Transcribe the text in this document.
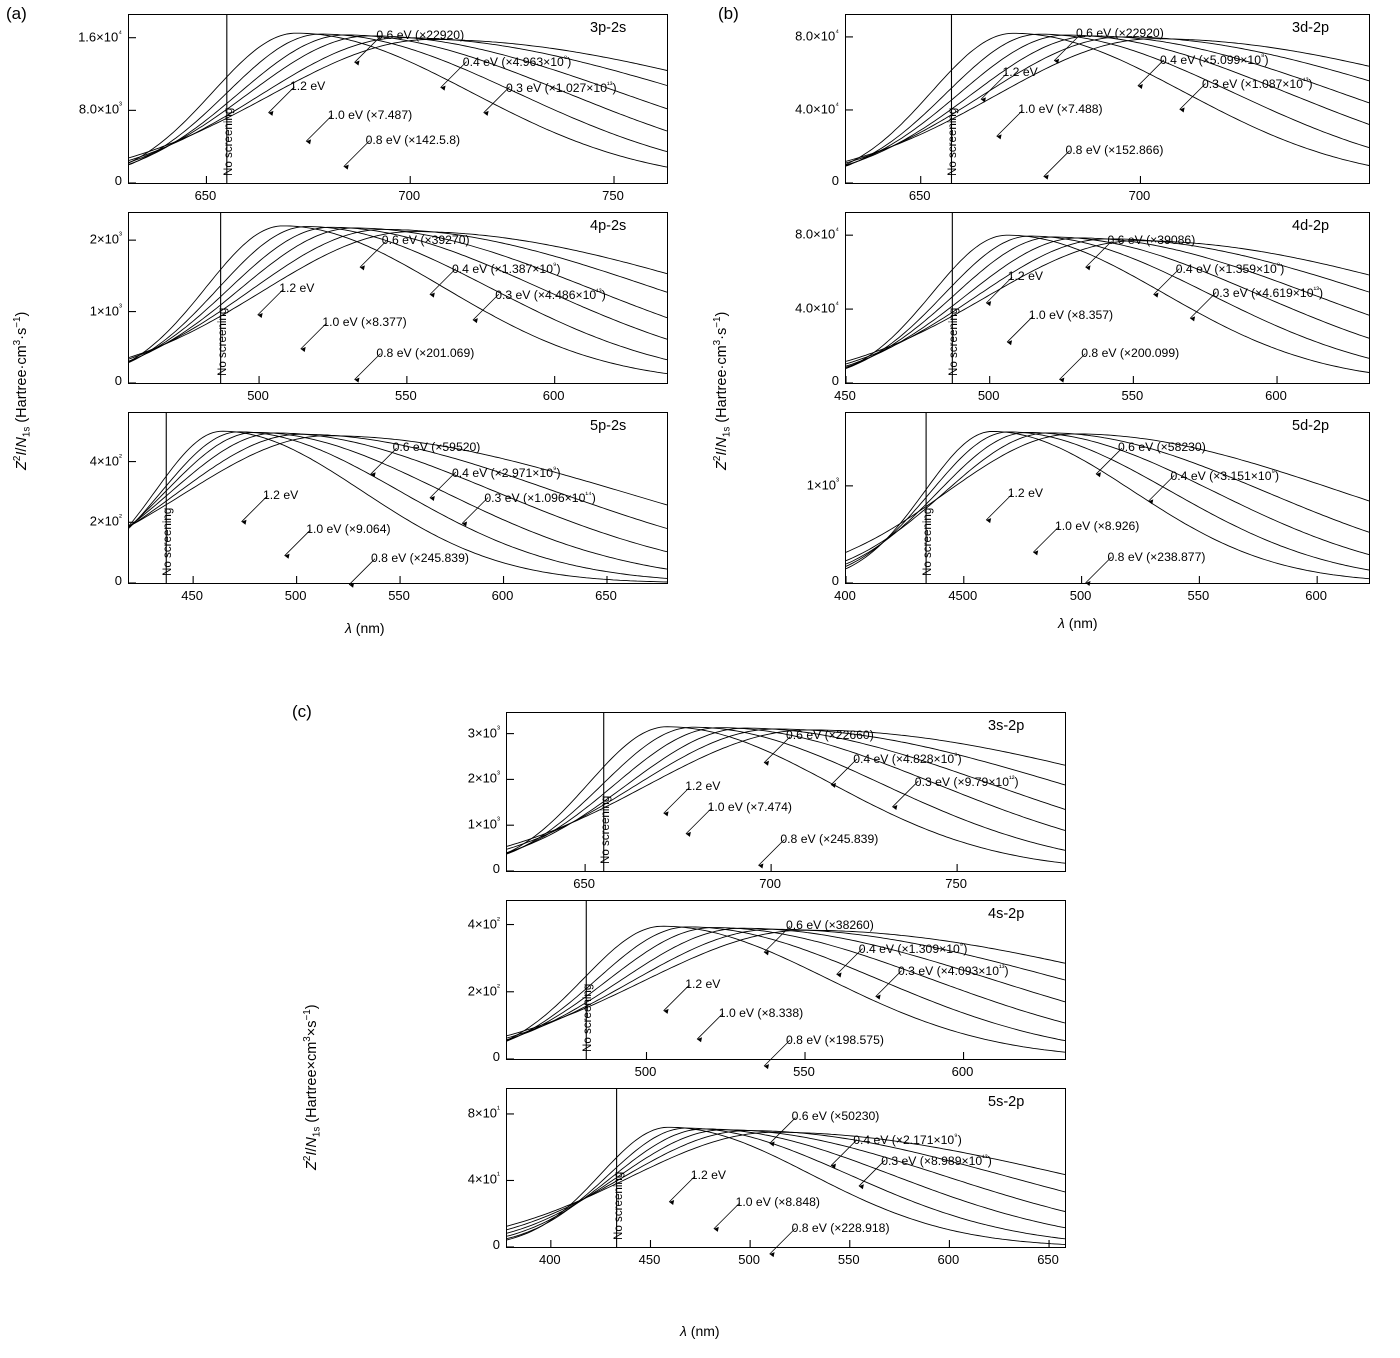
(a)
$Z^2I/N_{1s}$ $(Hartree\cdot cm^3\cdot s^{-1})$
λ (nm)
(b)
$Z^2I/N_{1s}$ $(Hartree\cdot cm^3\cdot s^{-1})$
λ (nm)
(c)
$Z^2I/N_{1s}$ $(Hartree\times cm^3\times s^{-1})$
λ (nm)
No screening
0
$8.0\times 10^{^3}$
$1.6\times 10^{^4}$
650	700	750
3p-2s
0.6 eV (×22920)
0.4 eV $(\times 4.963\times 10^{^8})$
0.3 eV $(\times 1.027\times 10^{^{13}})$
1.2 eV
1.0 eV (×7.487)
0.8 eV (×142.5.8)
No screening
0
$1\times 10^{^3}$
$2\times 10^{^3}$
500	550	600
4p-2s
0.6 eV (×39270)
0.4 eV $(\times 1.387\times 10^{^9})$
0.3 eV $(\times 4.486\times 10^{^{13}})$
1.2 eV
1.0 eV (×8.377)
0.8 eV (×201.069)
No screening
0
$2\times 10^{^2}$
$4\times 10^{^2}$
450	500	550	600	650
5p-2s
0.6 eV (×59520)
0.4 eV $(\times 2.971\times 10^{^9})$
0.3 eV $(\times 1.096\times 10^{^{14}})$
1.2 eV
1.0 eV (×9.064)
0.8 eV (×245.839)
No screening
0
$4.0\times 10^{^4}$
$8.0\times 10^{^4}$
650	700
3d-2p
0.6 eV (×22920)
0.4 eV $(\times 5.099\times 10^{^8})$
0.3 eV $(\times 1.087\times 10^{^{13}})$
1.2 eV
1.0 eV (×7.488)
0.8 eV (×152.866)
No screening
0
$4.0\times 10^{^4}$
$8.0\times 10^{^4}$
450	500	550	600
4d-2p
0.6 eV (×39086)
0.4 eV $(\times 1.359\times 10^{^9})$
0.3 eV $(\times 4.619\times 10^{^{13}})$
1.2 eV
1.0 eV (×8.357)
0.8 eV (×200.099)
No screening
0
$1\times 10^{^3}$
400	4500	500	550	600
5d-2p
0.6 eV (×58230)
0.4 eV $(\times 3.151\times 10^{^9})$
1.2 eV
1.0 eV (×8.926)
0.8 eV (×238.877)
No screening
0
$1\times 10^{^3}$
$2\times 10^{^3}$
$3\times 10^{^3}$
650	700	750
3s-2p
0.6 eV (×22660)
0.4 eV $(\times 4.828\times 10^{^8})$
0.3 eV $(\times 9.79\times 10^{^{12}})$
1.2 eV
1.0 eV (×7.474)
0.8 eV (×245.839)
No screening
0
$2\times 10^{^2}$
$4\times 10^{^2}$
500	550	600
4s-2p
0.6 eV (×38260)
0.4 eV $(\times 1.309\times 10^{^9})$
0.3 eV $(\times 4.093\times 10^{^{13}})$
1.2 eV
1.0 eV (×8.338)
0.8 eV (×198.575)
No screening
0
$4\times 10^{^1}$
$8\times 10^{^1}$
400	450	500	550	600	650
5s-2p
0.6 eV (×50230)
0.4 eV $(\times 2.171\times 10^{^9})$
0.3 eV $(\times 8.989\times 10^{^{13}})$
1.2 eV
1.0 eV (×8.848)
0.8 eV (×228.918)
